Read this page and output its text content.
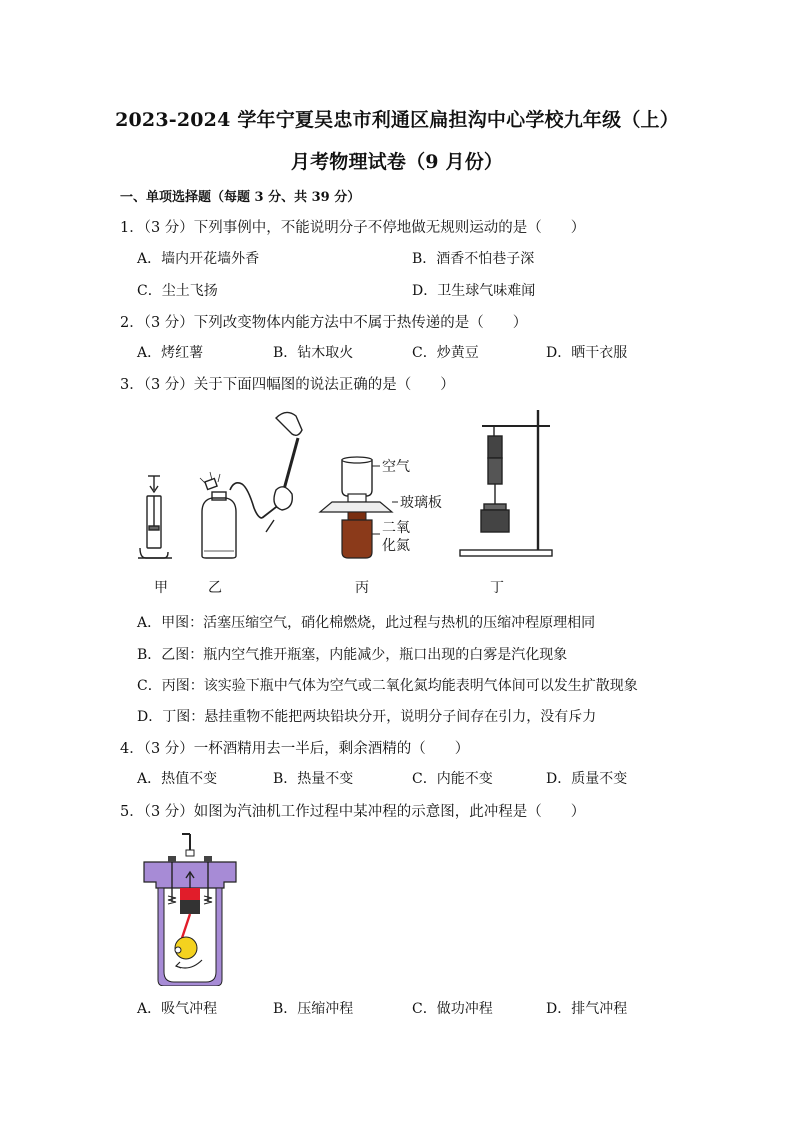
2023-2024 学年宁夏吴忠市利通区扁担沟中心学校九年级（上）
月考物理试卷（9 月份）
一、单项选择题（每题 3 分、共 39 分）
1．（3 分）下列事例中，不能说明分子不停地做无规则运动的是（　　）
A．墙内开花墙外香	B．酒香不怕巷子深
C．尘土飞扬	D．卫生球气味难闻
2．（3 分）下列改变物体内能方法中不属于热传递的是（　　）
A．烤红薯	B．钻木取火	C．炒黄豆	D．晒干衣服
3．（3 分）关于下面四幅图的说法正确的是（　　）
空气
玻璃板
二氧
化氮
甲	乙	丙	丁
A．甲图：活塞压缩空气，硝化棉燃烧，此过程与热机的压缩冲程原理相同
B．乙图：瓶内空气推开瓶塞，内能减少，瓶口出现的白雾是汽化现象
C．丙图：该实验下瓶中气体为空气或二氧化氮均能表明气体间可以发生扩散现象
D．丁图：悬挂重物不能把两块铅块分开，说明分子间存在引力，没有斥力
4．（3 分）一杯酒精用去一半后，剩余酒精的（　　）
A．热值不变	B．热量不变	C．内能不变	D．质量不变
5．（3 分）如图为汽油机工作过程中某冲程的示意图，此冲程是（　　）
A．吸气冲程	B．压缩冲程	C．做功冲程	D．排气冲程
